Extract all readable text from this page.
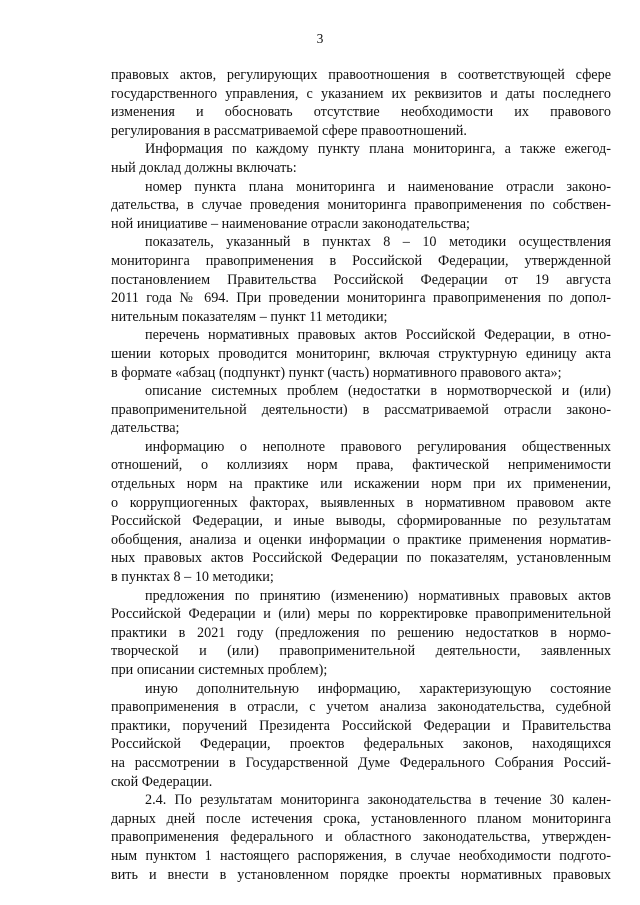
3
правовых актов, регулирующих правоотношения в соответствующей сфере
государственного управления, с указанием их реквизитов и даты последнего
изменения и обосновать отсутствие необходимости их правового
регулирования в рассматриваемой сфере правоотношений.
Информация по каждому пункту плана мониторинга, а также ежегод-
ный доклад должны включать:
номер пункта плана мониторинга и наименование отрасли законо-
дательства, в случае проведения мониторинга правоприменения по собствен-
ной инициативе – наименование отрасли законодательства;
показатель, указанный в пунктах 8 – 10 методики осуществления
мониторинга правоприменения в Российской Федерации, утвержденной
постановлением Правительства Российской Федерации от 19 августа
2011 года № 694. При проведении мониторинга правоприменения по допол-
нительным показателям – пункт 11 методики;
перечень нормативных правовых актов Российской Федерации, в отно-
шении которых проводится мониторинг, включая структурную единицу акта
в формате «абзац (подпункт) пункт (часть) нормативного правового акта»;
описание системных проблем (недостатки в нормотворческой и (или)
правоприменительной деятельности) в рассматриваемой отрасли законо-
дательства;
информацию о неполноте правового регулирования общественных
отношений, о коллизиях норм права, фактической неприменимости
отдельных норм на практике или искажении норм при их применении,
о коррупциогенных факторах, выявленных в нормативном правовом акте
Российской Федерации, и иные выводы, сформированные по результатам
обобщения, анализа и оценки информации о практике применения норматив-
ных правовых актов Российской Федерации по показателям, установленным
в пунктах 8 – 10 методики;
предложения по принятию (изменению) нормативных правовых актов
Российской Федерации и (или) меры по корректировке правоприменительной
практики в 2021 году (предложения по решению недостатков в нормо-
творческой и (или) правоприменительной деятельности, заявленных
при описании системных проблем);
иную дополнительную информацию, характеризующую состояние
правоприменения в отрасли, с учетом анализа законодательства, судебной
практики, поручений Президента Российской Федерации и Правительства
Российской Федерации, проектов федеральных законов, находящихся
на рассмотрении в Государственной Думе Федерального Собрания Россий-
ской Федерации.
2.4. По результатам мониторинга законодательства в течение 30 кален-
дарных дней после истечения срока, установленного планом мониторинга
правоприменения федерального и областного законодательства, утвержден-
ным пунктом 1 настоящего распоряжения, в случае необходимости подгото-
вить и внести в установленном порядке проекты нормативных правовых
